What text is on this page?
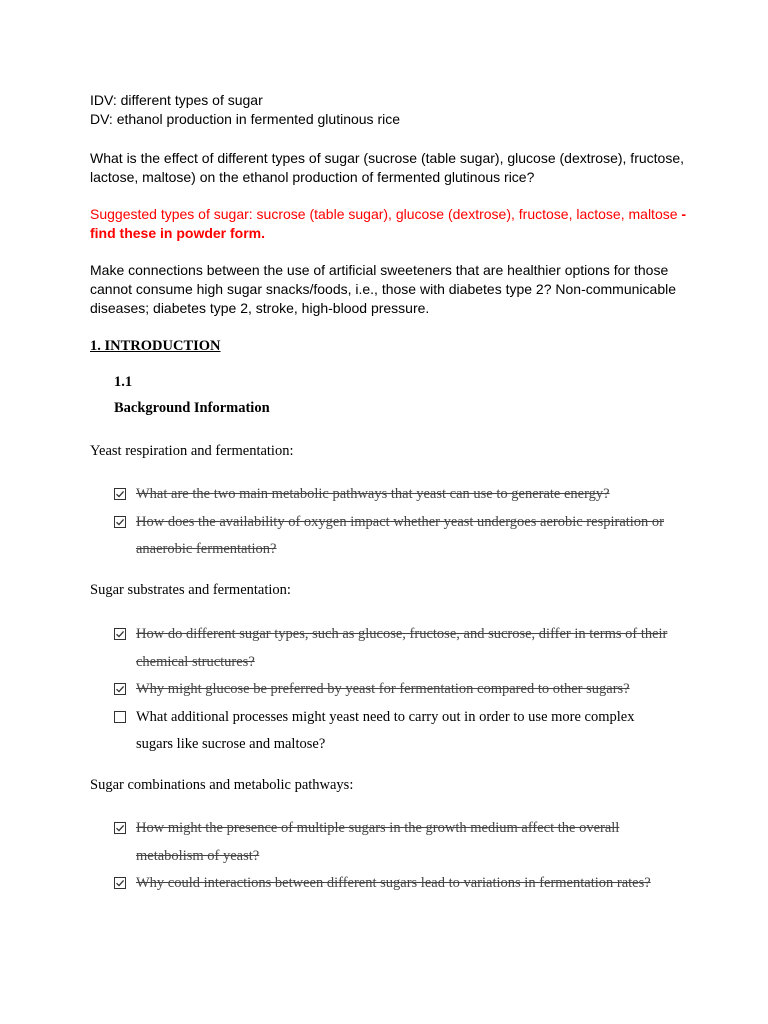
IDV: different types of sugar
DV: ethanol production in fermented glutinous rice
What is the effect of different types of sugar (sucrose (table sugar), glucose (dextrose), fructose, lactose, maltose) on the ethanol production of fermented glutinous rice?
Suggested types of sugar: sucrose (table sugar), glucose (dextrose), fructose, lactose, maltose - find these in powder form.
Make connections between the use of artificial sweeteners that are healthier options for those cannot consume high sugar snacks/foods, i.e., those with diabetes type 2? Non-communicable diseases; diabetes type 2, stroke, high-blood pressure.
1. INTRODUCTION
1.1
Background Information
Yeast respiration and fermentation:
What are the two main metabolic pathways that yeast can use to generate energy?
How does the availability of oxygen impact whether yeast undergoes aerobic respiration or anaerobic fermentation?
Sugar substrates and fermentation:
How do different sugar types, such as glucose, fructose, and sucrose, differ in terms of their chemical structures?
Why might glucose be preferred by yeast for fermentation compared to other sugars?
What additional processes might yeast need to carry out in order to use more complex sugars like sucrose and maltose?
Sugar combinations and metabolic pathways:
How might the presence of multiple sugars in the growth medium affect the overall metabolism of yeast?
Why could interactions between different sugars lead to variations in fermentation rates?
